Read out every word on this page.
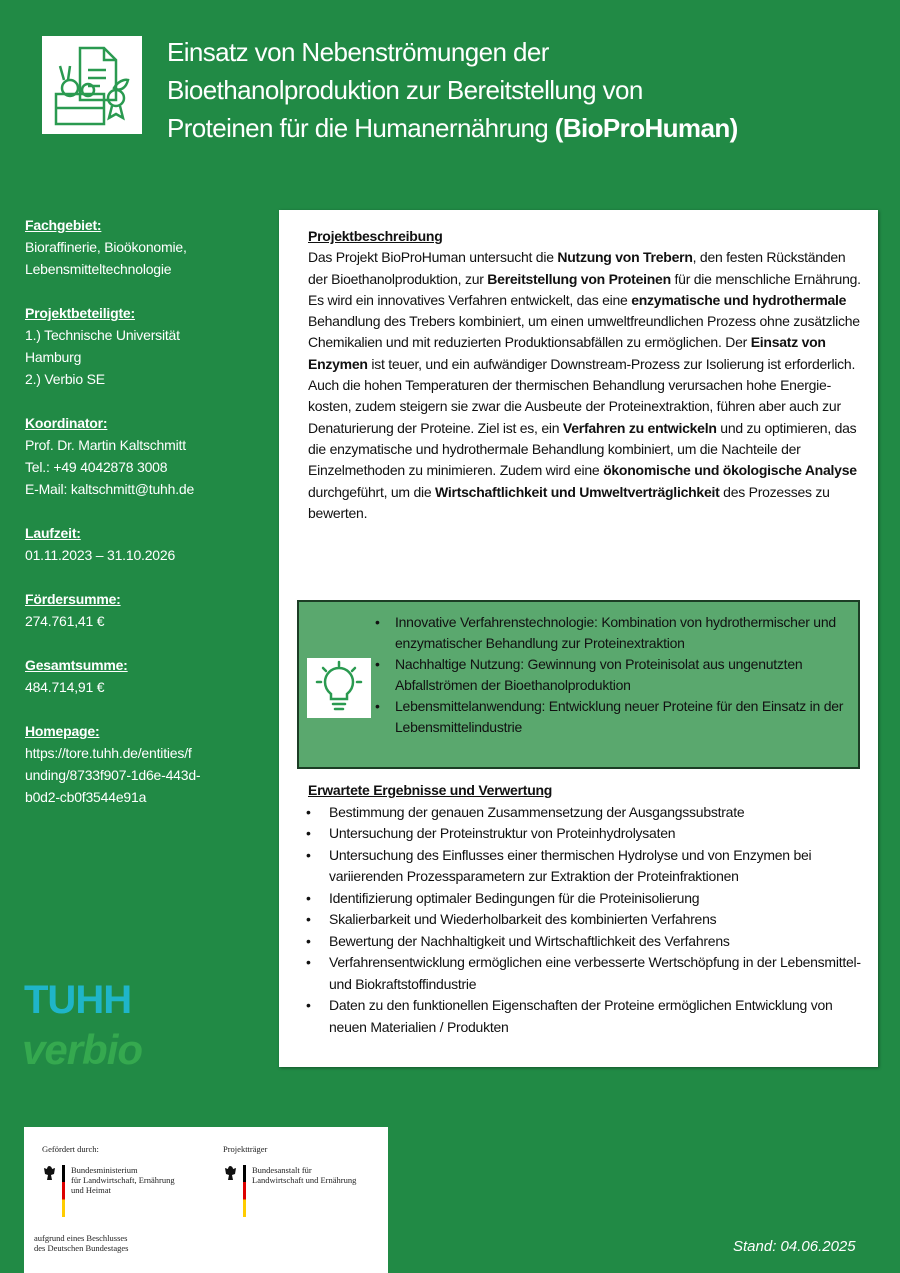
Einsatz von Nebenströmungen der
Bioethanolproduktion zur Bereitstellung von
Proteinen für die Humanernährung (BioProHuman)
Fachgebiet:
Bioraffinerie, Bioökonomie,
Lebensmitteltechnologie
Projektbeteiligte:
1.) Technische Universität
Hamburg
2.) Verbio SE
Koordinator:
Prof. Dr. Martin Kaltschmitt
Tel.: +49 4042878 3008
E-Mail: kaltschmitt@tuhh.de
Laufzeit:
01.11.2023 – 31.10.2026
Fördersumme:
274.761,41 €
Gesamtsumme:
484.714,91 €
Homepage:
https://tore.tuhh.de/entities/f
unding/8733f907-1d6e-443d-
b0d2-cb0f3544e91a
Projektbeschreibung

Das Projekt BioProHuman untersucht die Nutzung von Trebern, den festen Rückständen der Bioethanolproduktion, zur Bereitstellung von Proteinen für die menschliche Ernährung. Es wird ein innovatives Verfahren entwickelt, das eine enzymatische und hydrothermale Behandlung des Trebers kombiniert, um einen umweltfreundlichen Prozess ohne zusätzliche Chemikalien und mit reduzierten Produktionsabfällen zu ermöglichen. Der Einsatz von Enzymen ist teuer, und ein aufwändiger Downstream-Prozess zur Isolierung ist erforderlich. Auch die hohen Temperaturen der thermischen Behandlung verursachen hohe Energie-kosten, zudem steigern sie zwar die Ausbeute der Proteinextraktion, führen aber auch zur Denaturierung der Proteine. Ziel ist es, ein Verfahren zu entwickeln und zu optimieren, das die enzymatische und hydrothermale Behandlung kombiniert, um die Nachteile der Einzelmethoden zu minimieren. Zudem wird eine ökonomische und ökologische Analyse durchgeführt, um die Wirtschaftlichkeit und Umweltverträglichkeit des Prozesses zu bewerten.

• Innovative Verfahrenstechnologie: Kombination von hydrothermischer und enzymatischer Behandlung zur Proteinextraktion
• Nachhaltige Nutzung: Gewinnung von Proteinisolat aus ungenutzten Abfallströmen der Bioethanolproduktion
• Lebensmittelanwendung: Entwicklung neuer Proteine für den Einsatz in der Lebensmittelindustrie
Erwartete Ergebnisse und Verwertung
• Bestimmung der genauen Zusammensetzung der Ausgangssubstrate
• Untersuchung der Proteinstruktur von Proteinhydrolysaten
• Untersuchung des Einflusses einer thermischen Hydrolyse und von Enzymen bei variierenden Prozessparametern zur Extraktion der Proteinfraktionen
• Identifizierung optimaler Bedingungen für die Proteinisolierung
• Skalierbarkeit und Wiederholbarkeit des kombinierten Verfahrens
• Bewertung der Nachhaltigkeit und Wirtschaftlichkeit des Verfahrens
• Verfahrensentwicklung ermöglichen eine verbesserte Wertschöpfung in der Lebensmittel- und Biokraftstoffindustrie
• Daten zu den funktionellen Eigenschaften der Proteine ermöglichen Entwicklung von neuen Materialien / Produkten
TUHH
verbio
Gefördert durch:	Projektträger
Bundesministerium
für Landwirtschaft, Ernährung
und Heimat
Bundesanstalt für
Landwirtschaft und Ernährung
aufgrund eines Beschlusses
des Deutschen Bundestages	Stand: 04.06.2025
